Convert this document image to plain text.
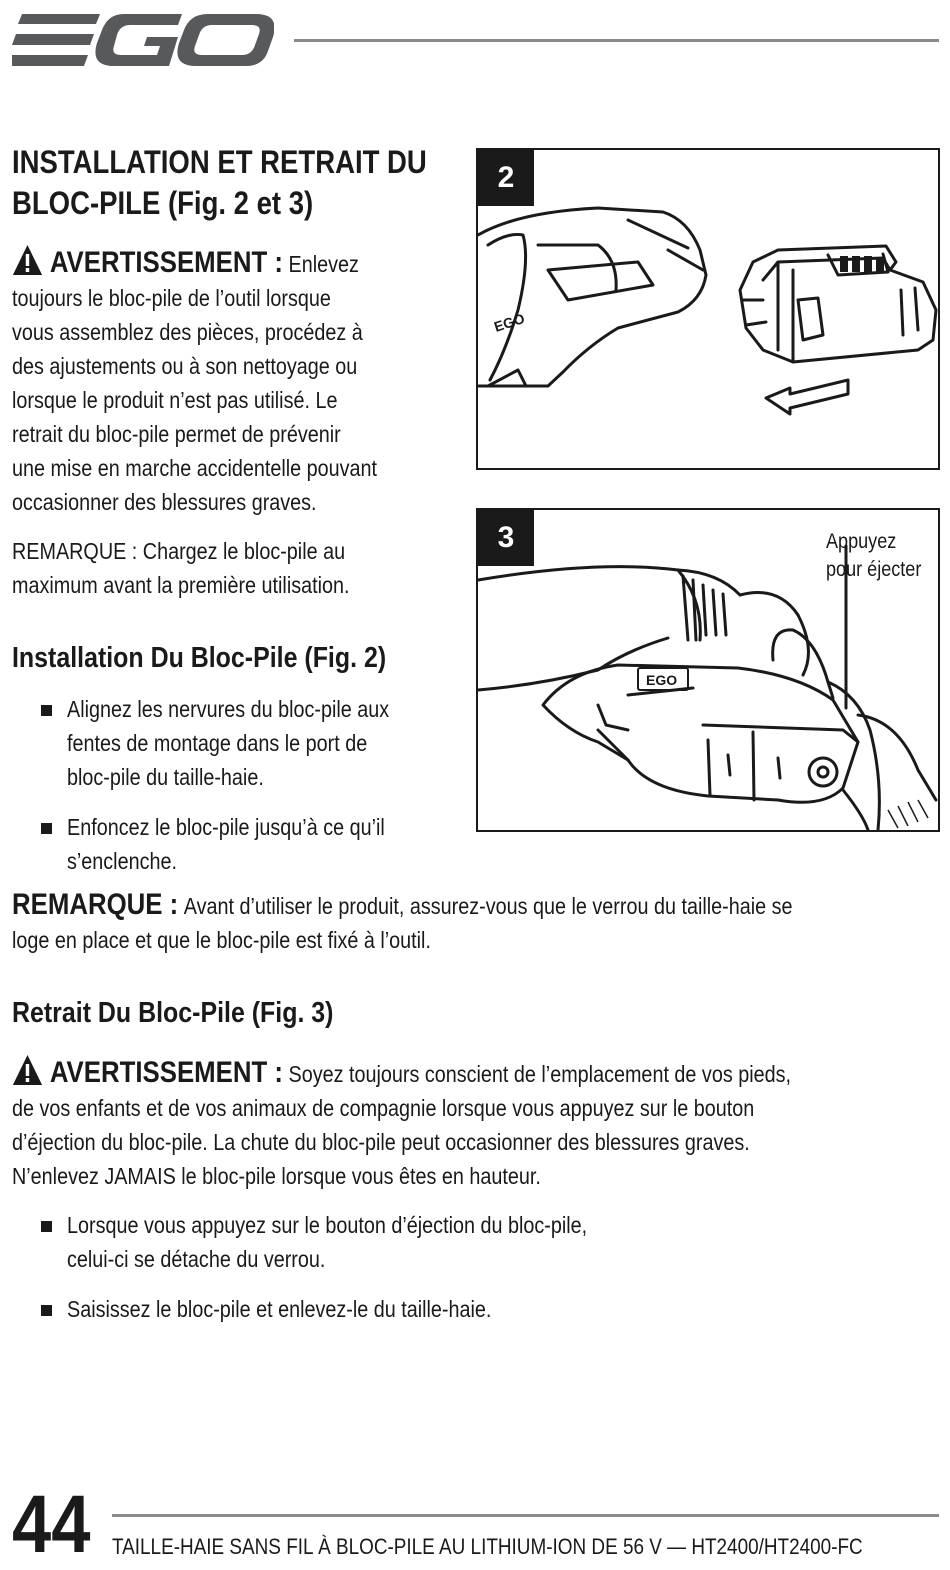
INSTALLATION ET RETRAIT DU
BLOC-PILE (Fig. 2 et 3)
AVERTISSEMENT : Enlevez
toujours le bloc-pile de l’outil lorsque
vous assemblez des pièces, procédez à
des ajustements ou à son nettoyage ou
lorsque le produit n’est pas utilisé. Le
retrait du bloc-pile permet de prévenir
une mise en marche accidentelle pouvant
occasionner des blessures graves.
REMARQUE : Chargez le bloc-pile au
maximum avant la première utilisation.
Installation Du Bloc-Pile (Fig. 2)
Alignez les nervures du bloc-pile aux
fentes de montage dans le port de
bloc-pile du taille-haie.
Enfoncez le bloc-pile jusqu’à ce qu’il
s’enclenche.
EGO
2
EGO
3	Appuyez
pour éjecter
REMARQUE : Avant d’utiliser le produit, assurez-vous que le verrou du taille-haie se
loge en place et que le bloc-pile est fixé à l’outil.
Retrait Du Bloc-Pile (Fig. 3)
AVERTISSEMENT : Soyez toujours conscient de l’emplacement de vos pieds,
de vos enfants et de vos animaux de compagnie lorsque vous appuyez sur le bouton
d’éjection du bloc-pile. La chute du bloc-pile peut occasionner des blessures graves.
N’enlevez JAMAIS le bloc-pile lorsque vous êtes en hauteur.
Lorsque vous appuyez sur le bouton d’éjection du bloc-pile,
celui-ci se détache du verrou.
Saisissez le bloc-pile et enlevez-le du taille-haie.
44 TAILLE-HAIE SANS FIL À BLOC-PILE AU LITHIUM-ION DE 56 V — HT2400/HT2400-FC
